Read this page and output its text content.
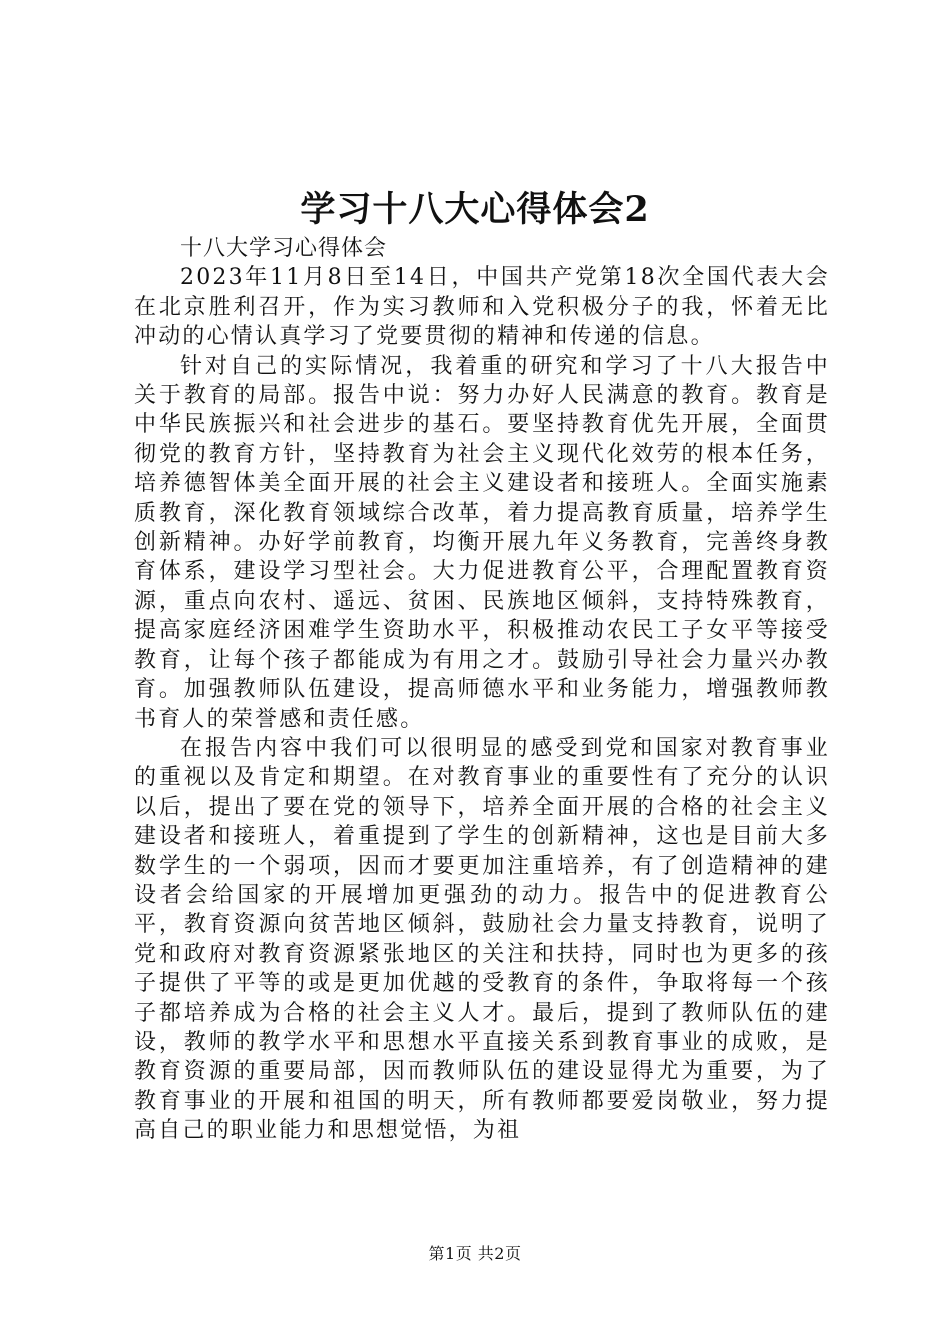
学习十八大心得体会2

十八大学习心得体会

2023年11月8日至14日，中国共产党第18次全国代表大会在北京胜利召开，作为实习教师和入党积极分子的我，怀着无比冲动的心情认真学习了党要贯彻的精神和传递的信息。

针对自己的实际情况，我着重的研究和学习了十八大报告中关于教育的局部。报告中说：努力办好人民满意的教育。教育是中华民族振兴和社会进步的基石。要坚持教育优先开展，全面贯彻党的教育方针，坚持教育为社会主义现代化效劳的根本任务，培养德智体美全面开展的社会主义建设者和接班人。全面实施素质教育，深化教育领域综合改革，着力提高教育质量，培养学生创新精神。办好学前教育，均衡开展九年义务教育，完善终身教育体系，建设学习型社会。大力促进教育公平，合理配置教育资源，重点向农村、遥远、贫困、民族地区倾斜，支持特殊教育，提高家庭经济困难学生资助水平，积极推动农民工子女平等接受教育，让每个孩子都能成为有用之才。鼓励引导社会力量兴办教育。加强教师队伍建设，提高师德水平和业务能力，增强教师教书育人的荣誉感和责任感。

在报告内容中我们可以很明显的感受到党和国家对教育事业的重视以及肯定和期望。在对教育事业的重要性有了充分的认识以后，提出了要在党的领导下，培养全面开展的合格的社会主义建设者和接班人，着重提到了学生的创新精神，这也是目前大多数学生的一个弱项，因而才要更加注重培养，有了创造精神的建设者会给国家的开展增加更强劲的动力。报告中的促进教育公平，教育资源向贫苦地区倾斜，鼓励社会力量支持教育，说明了党和政府对教育资源紧张地区的关注和扶持，同时也为更多的孩子提供了平等的或是更加优越的受教育的条件，争取将每一个孩子都培养成为合格的社会主义人才。最后，提到了教师队伍的建设，教师的教学水平和思想水平直接关系到教育事业的成败，是教育资源的重要局部，因而教师队伍的建设显得尤为重要，为了教育事业的开展和祖国的明天，所有教师都要爱岗敬业，努力提高自己的职业能力和思想觉悟，为祖

第1页 共2页
